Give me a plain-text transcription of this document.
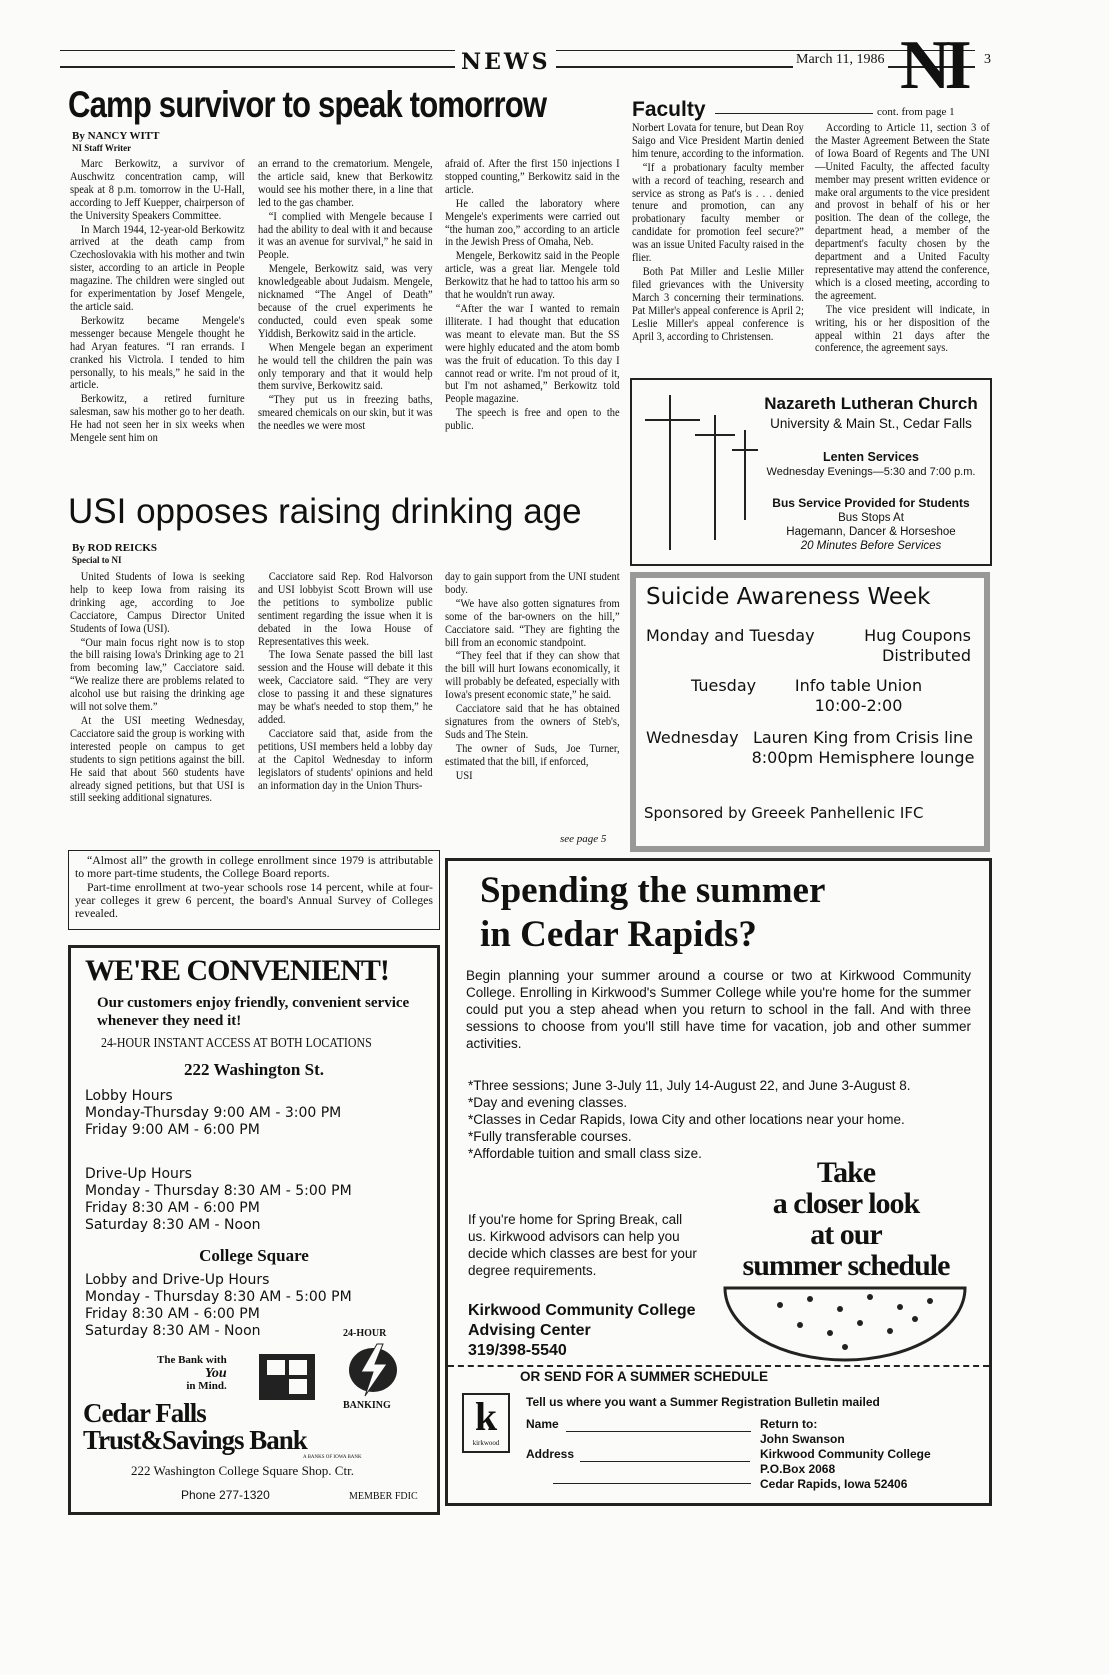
NEWS	March 11, 1986 NI 3
Camp survivor to speak tomorrow
By NANCY WITT
NI Staff Writer

Marc Berkowitz, a survivor of Auschwitz concentration camp, will speak at 8 p.m. tomorrow in the U-Hall, according to Jeff Kuepper, chairperson of the University Speakers Committee.

In March 1944, 12-year-old Berkowitz arrived at the death camp from Czechoslovakia with his mother and twin sister, according to an article in People magazine. The children were singled out for experimentation by Josef Mengele, the article said.

Berkowitz became Mengele's messenger because Mengele thought he had Aryan features. “I ran errands. I cranked his Victrola. I tended to him personally, to his meals,” he said in the article.

Berkowitz, a retired furniture salesman, saw his mother go to her death. He had not seen her in six weeks when Mengele sent him on

an errand to the crematorium. Mengele, the article said, knew that Berkowitz would see his mother there, in a line that led to the gas chamber.

“I complied with Mengele because I had the ability to deal with it and because it was an avenue for survival,” he said in People.

Mengele, Berkowitz said, was very knowledgeable about Judaism. Mengele, nicknamed “The Angel of Death” because of the cruel experiments he conducted, could even speak some Yiddish, Berkowitz said in the article.

When Mengele began an experiment he would tell the children the pain was only temporary and that it would help them survive, Berkowitz said.

“They put us in freezing baths, smeared chemicals on our skin, but it was the needles we were most

afraid of. After the first 150 injections I stopped counting,” Berkowitz said in the article.

He called the laboratory where Mengele's experiments were carried out “the human zoo,” according to an article in the Jewish Press of Omaha, Neb.

Mengele, Berkowitz said in the People article, was a great liar. Mengele told Berkowitz that he had to tattoo his arm so that he wouldn't run away.

“After the war I wanted to remain illiterate. I had thought that education was meant to elevate man. But the SS were highly educated and the atom bomb was the fruit of education. To this day I cannot read or write. I'm not proud of it, but I'm not ashamed,” Berkowitz told People magazine.

The speech is free and open to the public.

Faculty	cont. from page 1

Norbert Lovata for tenure, but Dean Roy Saigo and Vice President Martin denied him tenure, according to the information.

“If a probationary faculty member with a record of teaching, research and service as strong as Pat's is . . . denied tenure and promotion, can any probationary faculty member or candidate for promotion feel secure?” was an issue United Faculty raised in the flier.

Both Pat Miller and Leslie Miller filed grievances with the University March 3 concerning their terminations. Pat Miller's appeal conference is April 2; Leslie Miller's appeal conference is April 3, according to Christensen.

According to Article 11, section 3 of the Master Agreement Between the State of Iowa Board of Regents and The UNI—United Faculty, the affected faculty member may present written evidence or make oral arguments to the vice president and provost in behalf of his or her position. The dean of the college, the department head, a member of the department's faculty chosen by the department and a United Faculty representative may attend the conference, which is a closed meeting, according to the agreement.

The vice president will indicate, in writing, his or her disposition of the appeal within 21 days after the conference, the agreement says.

Nazareth Lutheran Church
University & Main St., Cedar Falls
Lenten Services
Wednesday Evenings—5:30 and 7:00 p.m.
Bus Service Provided for Students
Bus Stops At
Hagemann, Dancer & Horseshoe
20 Minutes Before Services
USI opposes raising drinking age
By ROD REICKS
Special to NI

United Students of Iowa is seeking help to keep Iowa from raising its drinking age, according to Joe Cacciatore, Campus Director United Students of Iowa (USI).

“Our main focus right now is to stop the bill raising Iowa's Drinking age to 21 from becoming law,” Cacciatore said. “We realize there are problems related to alcohol use but raising the drinking age will not solve them.”

At the USI meeting Wednesday, Cacciatore said the group is working with interested people on campus to get students to sign petitions against the bill. He said that about 560 students have already signed petitions, but that USI is still seeking additional signatures.

Cacciatore said Rep. Rod Halvorson and USI lobbyist Scott Brown will use the petitions to symbolize public sentiment regarding the issue when it is debated in the Iowa House of Representatives this week.

The Iowa Senate passed the bill last session and the House will debate it this week, Cacciatore said. “They are very close to passing it and these signatures may be what's needed to stop them,” he added.

Cacciatore said that, aside from the petitions, USI members held a lobby day at the Capitol Wednesday to inform legislators of students' opinions and held an information day in the Union Thurs-

day to gain support from the UNI student body.

“We have also gotten signatures from some of the bar-owners on the hill,” Cacciatore said. “They are fighting the bill from an economic standpoint.

“They feel that if they can show that the bill will hurt Iowans economically, it will probably be defeated, especially with Iowa's present economic state,” he said.

Cacciatore said that he has obtained signatures from the owners of Steb's, Suds and The Stein.

The owner of Suds, Joe Turner, estimated that the bill, if enforced,

USI

see page 5
Suicide Awareness Week
Monday and Tuesday	Hug Coupons Distributed
Tuesday	Info table Union 10:00-2:00
Wednesday Lauren King from Crisis line 8:00pm Hemisphere lounge
Sponsored by Greeek Panhellenic IFC

“Almost all” the growth in college enrollment since 1979 is attributable to more part-time students, the College Board reports.

Part-time enrollment at two-year schools rose 14 percent, while at four-year colleges it grew 6 percent, the board's Annual Survey of Colleges revealed.

WE'RE CONVENIENT!
Our customers enjoy friendly, convenient service whenever they need it!
24-HOUR INSTANT ACCESS AT BOTH LOCATIONS
222 Washington St.
Lobby Hours
Monday-Thursday 9:00 AM - 3:00 PM
Friday 9:00 AM - 6:00 PM
Drive-Up Hours
Monday - Thursday 8:30 AM - 5:00 PM
Friday 8:30 AM - 6:00 PM
Saturday 8:30 AM - Noon
College Square
Lobby and Drive-Up Hours
Monday - Thursday 8:30 AM - 5:00 PM
Friday 8:30 AM - 6:00 PM
Saturday 8:30 AM - Noon	24-HOUR
BANKING
The Bank with
You
in Mind.
Cedar Falls
Trust&Savings Bank
A BANKS OF IOWA BANK
222 Washington College Square Shop. Ctr.
Phone 277-1320	MEMBER FDIC
Spending the summer
in Cedar Rapids?
Begin planning your summer around a course or two at Kirkwood Community College. Enrolling in Kirkwood's Summer College while you're home for the summer could put you a step ahead when you return to school in the fall. And with three sessions to choose from you'll still have time for vacation, job and other summer activities.
*Three sessions; June 3-July 11, July 14-August 22, and June 3-August 8.
*Day and evening classes.
*Classes in Cedar Rapids, Iowa City and other locations near your home.
*Fully transferable courses.
*Affordable tuition and small class size.
If you're home for Spring Break, call us. Kirkwood advisors can help you decide which classes are best for your degree requirements.
Take
a closer look
at our
summer schedule
Kirkwood Community College
Advising Center
319/398-5540
OR SEND FOR A SUMMER SCHEDULE
k
kirkwood
Tell us where you want a Summer Registration Bulletin mailed
Name
Address
Return to:
John Swanson
Kirkwood Community College
P.O.Box 2068
Cedar Rapids, Iowa 52406
